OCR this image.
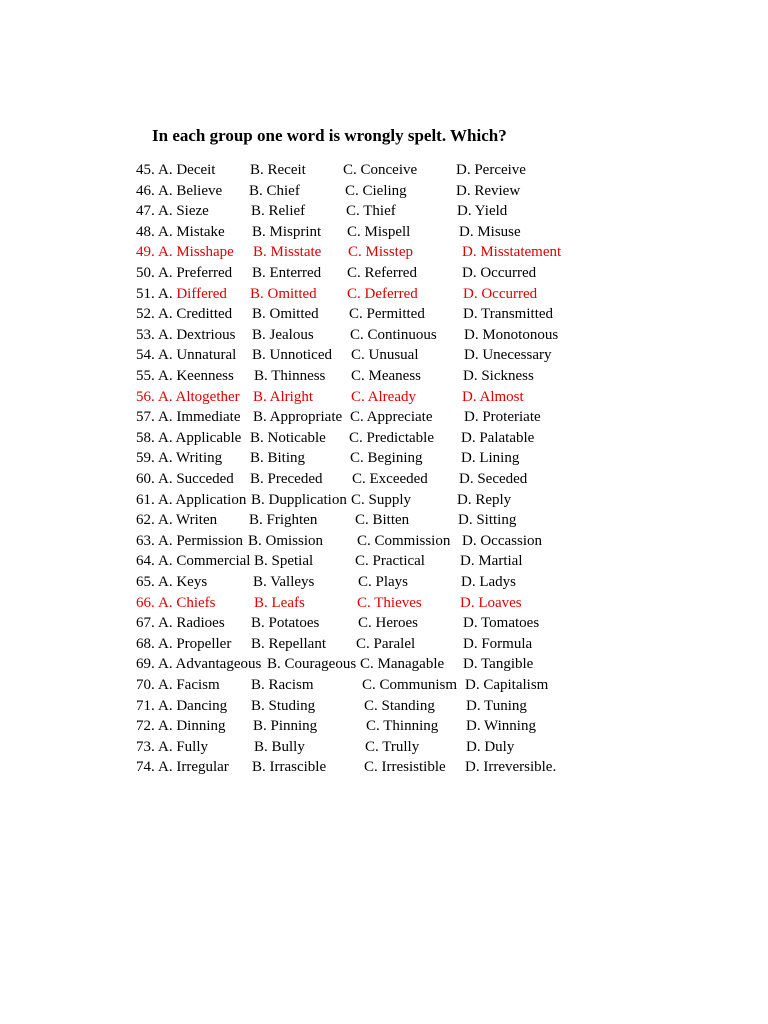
In each group one word is wrongly spelt. Which?
45. A. Deceit B. Receit C. Conceive	D. Perceive
46. A. Believe B. Chief	C. Cieling	D. Review
47. A. Sieze	B. Relief	C. Thief	D. Yield
48. A. Mistake B. Misprint C. Mispell	D. Misuse
49. A. Misshape B. Misstate C. Misstep	D. Misstatement
50. A. Preferred B. Enterred C. Referred	D. Occurred
51. A. Differed B. Omitted C. Deferred	D. Occurred
52. A. Creditted B. Omitted C. Permitted	D. Transmitted
53. A. Dextrious B. Jealous C. Continuous D. Monotonous
54. A. Unnatural B. Unnoticed C. Unusual	D. Unecessary
55. A. Keenness B. Thinness C. Meaness	D. Sickness
56. A. Altogether B. Alright	C. Already	D. Almost
57. A. Immediate B. Appropriate C. Appreciate D. Proteriate
58. A. Applicable B. Noticable C. Predictable D. Palatable
59. A. Writing B. Biting	C. Begining	D. Lining
60. A. Succeded B. Preceded C. Exceeded D. Seceded
61. A. Application B. Dupplication C. Supply	D. Reply
62. A. Writen B. Frighten	C. Bitten	D. Sitting
63. A. Permission B. Omission C. Commission D. Occassion
64. A. Commercial B. Spetial	C. Practical D. Martial
65. A. Keys	B. Valleys	C. Plays	D. Ladys
66. A. Chiefs	B. Leafs	C. Thieves	D. Loaves
67. A. Radioes B. Potatoes	C. Heroes	D. Tomatoes
68. A. Propeller B. Repellant C. Paralel	D. Formula
69. A. Advantageous B. Courageous C. Managable D. Tangible
70. A. Facism B. Racism	C. Communism D. Capitalism
71. A. Dancing B. Studing	C. Standing D. Tuning
72. A. Dinning B. Pinning	C. Thinning D. Winning
73. A. Fully	B. Bully	C. Trully	D. Duly
74. A. Irregular B. Irrascible	C. Irresistible D. Irreversible.
